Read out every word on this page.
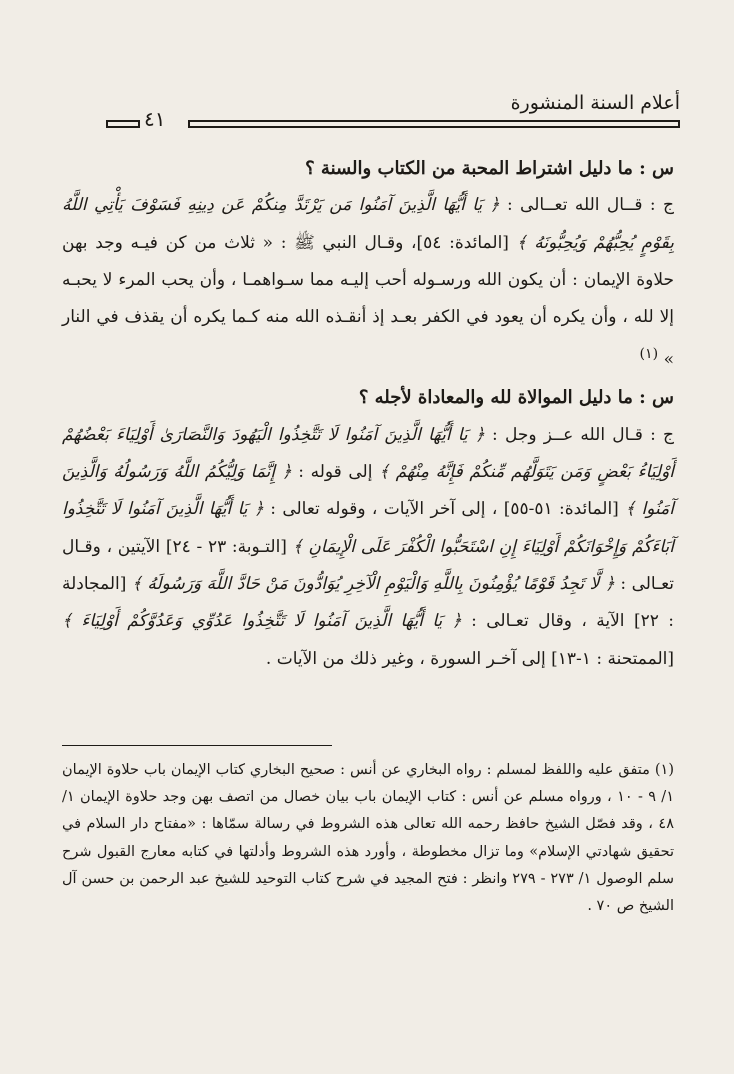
أعلام السنة المنشورة
٤١

س : ما دليل اشتراط المحبة من الكتاب والسنة ؟

ج : قــال الله تعــالى : ﴿ يَا أَيُّهَا الَّذِينَ آمَنُوا مَن يَرْتَدَّ مِنكُمْ عَن دِينِهِ فَسَوْفَ يَأْتِي اللَّهُ بِقَوْمٍ يُحِبُّهُمْ وَيُحِبُّونَهُ ﴾ [المائدة: ٥٤]، وقـال النبي ﷺ : « ثلاث من كن فيـه وجد بهن حلاوة الإيمان : أن يكون الله ورسـوله أحب إليـه مما سـواهمـا ، وأن يحب المرء لا يحبـه إلا لله ، وأن يكره أن يعود في الكفر بعـد إذ أنقـذه الله منه كـما يكره أن يقذف في النار » $^{(١)}$

س : ما دليل الموالاة لله والمعاداة لأجله ؟

ج : قـال الله عــز وجل : ﴿ يَا أَيُّهَا الَّذِينَ آمَنُوا لَا تَتَّخِذُوا الْيَهُودَ وَالنَّصَارَىٰ أَوْلِيَاءَ بَعْضُهُمْ أَوْلِيَاءُ بَعْضٍ وَمَن يَتَوَلَّهُم مِّنكُمْ فَإِنَّهُ مِنْهُمْ ﴾ إلى قوله : ﴿ إِنَّمَا وَلِيُّكُمُ اللَّهُ وَرَسُولُهُ وَالَّذِينَ آمَنُوا ﴾ [المائدة: ٥١-٥٥] ، إلى آخر الآيات ، وقوله تعالى : ﴿ يَا أَيُّهَا الَّذِينَ آمَنُوا لَا تَتَّخِذُوا آبَاءَكُمْ وَإِخْوَانَكُمْ أَوْلِيَاءَ إِنِ اسْتَحَبُّوا الْكُفْرَ عَلَى الْإِيمَانِ ﴾ [التـوبة: ٢٣ - ٢٤] الآيتين ، وقـال تعـالى : ﴿ لَّا تَجِدُ قَوْمًا يُؤْمِنُونَ بِاللَّهِ وَالْيَوْمِ الْآخِرِ يُوَادُّونَ مَنْ حَادَّ اللَّهَ وَرَسُولَهُ ﴾ [المجادلة : ٢٢] الآية ، وقال تعـالى : ﴿ يَا أَيُّهَا الَّذِينَ آمَنُوا لَا تَتَّخِذُوا عَدُوِّي وَعَدُوَّكُمْ أَوْلِيَاءَ ﴾ [الممتحنة : ١-١٣] إلى آخـر السورة ، وغير ذلك من الآيات .

(١) متفق عليه واللفظ لمسلم : رواه البخاري عن أنس : صحيح البخاري كتاب الإيمان باب حلاوة الإيمان ١/ ٩ - ١٠ ، ورواه مسلم عن أنس : كتاب الإيمان باب بيان خصال من اتصف بهن وجد حلاوة الإيمان ١/ ٤٨ ، وقد فصّل الشيخ حافظ رحمه الله تعالى هذه الشروط في رسالة سمّاها : «مفتاح دار السلام في تحقيق شهادتي الإسلام» وما تزال مخطوطة ، وأورد هذه الشروط وأدلتها في كتابه معارج القبول شرح سلم الوصول ١/ ٢٧٣ - ٢٧٩ وانظر : فتح المجيد في شرح كتاب التوحيد للشيخ عبد الرحمن بن حسن آل الشيخ ص ٧٠ .
